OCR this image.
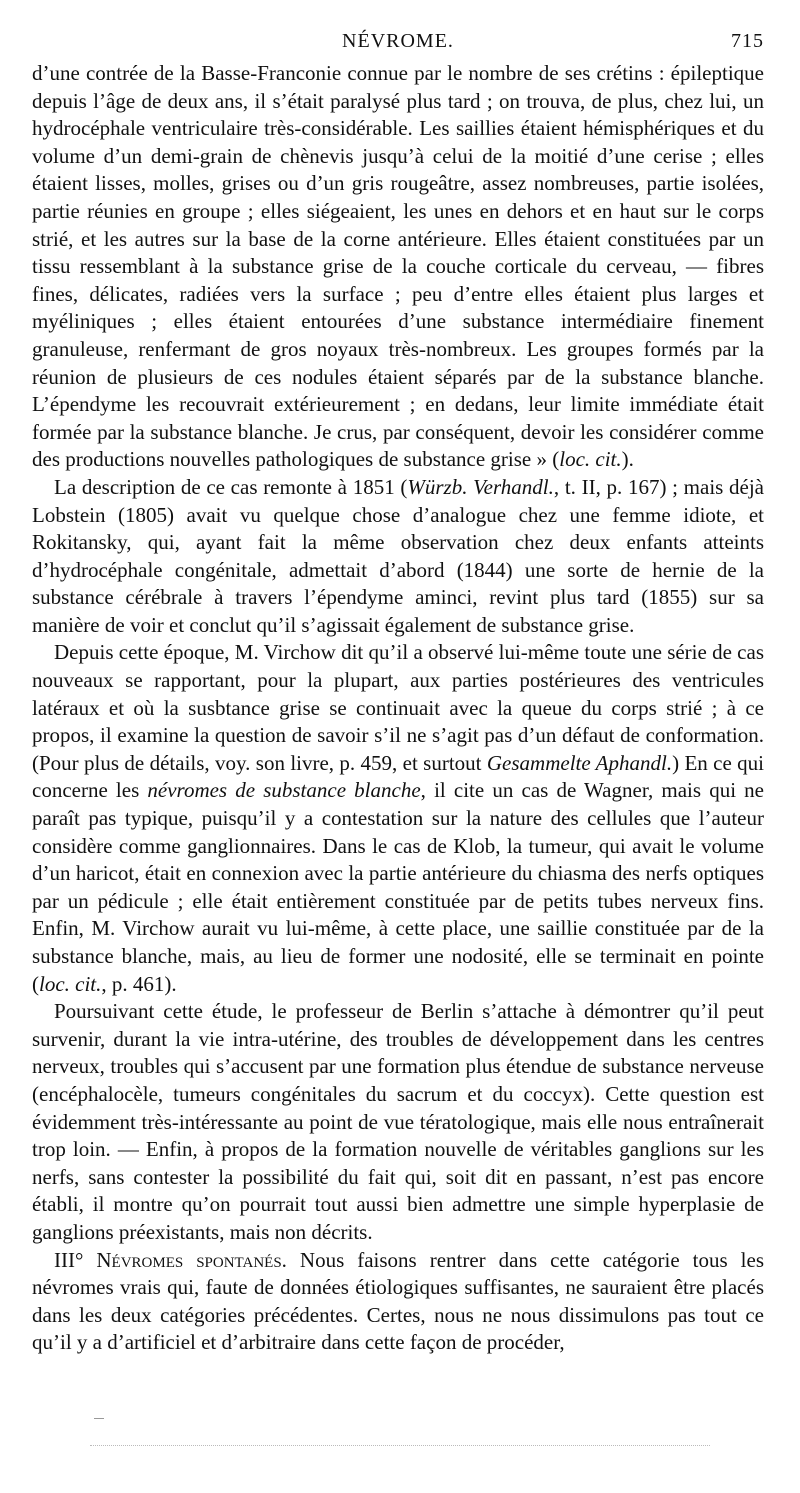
NÉVROME.	715

d’une contrée de la Basse-Franconie connue par le nombre de ses crétins : épileptique depuis l’âge de deux ans, il s’était paralysé plus tard ; on trouva, de plus, chez lui, un hydrocéphale ventriculaire très-considérable. Les saillies étaient hémisphériques et du volume d’un demi-grain de chènevis jusqu’à celui de la moitié d’une cerise ; elles étaient lisses, molles, grises ou d’un gris rougeâtre, assez nombreuses, partie isolées, partie réunies en groupe ; elles siégeaient, les unes en dehors et en haut sur le corps strié, et les autres sur la base de la corne antérieure. Elles étaient constituées par un tissu ressemblant à la substance grise de la couche corticale du cerveau, — fibres fines, délicates, radiées vers la surface ; peu d’entre elles étaient plus larges et myéliniques ; elles étaient entourées d’une substance intermédiaire finement granuleuse, renfermant de gros noyaux très-nombreux. Les groupes formés par la réunion de plusieurs de ces nodules étaient séparés par de la substance blanche. L’épendyme les recouvrait extérieurement ; en dedans, leur limite immédiate était formée par la substance blanche. Je crus, par conséquent, devoir les considérer comme des productions nouvelles pathologiques de substance grise » (loc. cit.).

La description de ce cas remonte à 1851 (Würzb. Verhandl., t. II, p. 167) ; mais déjà Lobstein (1805) avait vu quelque chose d’analogue chez une femme idiote, et Rokitansky, qui, ayant fait la même observation chez deux enfants atteints d’hydrocéphale congénitale, admettait d’abord (1844) une sorte de hernie de la substance cérébrale à travers l’épendyme aminci, revint plus tard (1855) sur sa manière de voir et conclut qu’il s’agissait également de substance grise.

Depuis cette époque, M. Virchow dit qu’il a observé lui-même toute une série de cas nouveaux se rapportant, pour la plupart, aux parties postérieures des ventricules latéraux et où la susbtance grise se continuait avec la queue du corps strié ; à ce propos, il examine la question de savoir s’il ne s’agit pas d’un défaut de conformation. (Pour plus de détails, voy. son livre, p. 459, et surtout Gesammelte Aphandl.) En ce qui concerne les névromes de substance blanche, il cite un cas de Wagner, mais qui ne paraît pas typique, puisqu’il y a contestation sur la nature des cellules que l’auteur considère comme ganglionnaires. Dans le cas de Klob, la tumeur, qui avait le volume d’un haricot, était en connexion avec la partie antérieure du chiasma des nerfs optiques par un pédicule ; elle était entièrement constituée par de petits tubes nerveux fins. Enfin, M. Virchow aurait vu lui-même, à cette place, une saillie constituée par de la substance blanche, mais, au lieu de former une nodosité, elle se terminait en pointe (loc. cit., p. 461).

Poursuivant cette étude, le professeur de Berlin s’attache à démontrer qu’il peut survenir, durant la vie intra-utérine, des troubles de développement dans les centres nerveux, troubles qui s’accusent par une formation plus étendue de substance nerveuse (encéphalocèle, tumeurs congénitales du sacrum et du coccyx). Cette question est évidemment très-intéressante au point de vue tératologique, mais elle nous entraînerait trop loin. — Enfin, à propos de la formation nouvelle de véritables ganglions sur les nerfs, sans contester la possibilité du fait qui, soit dit en passant, n’est pas encore établi, il montre qu’on pourrait tout aussi bien admettre une simple hyperplasie de ganglions préexistants, mais non décrits.

III° Névromes spontanés. Nous faisons rentrer dans cette catégorie tous les névromes vrais qui, faute de données étiologiques suffisantes, ne sauraient être placés dans les deux catégories précédentes. Certes, nous ne nous dissimulons pas tout ce qu’il y a d’artificiel et d’arbitraire dans cette façon de procéder,
